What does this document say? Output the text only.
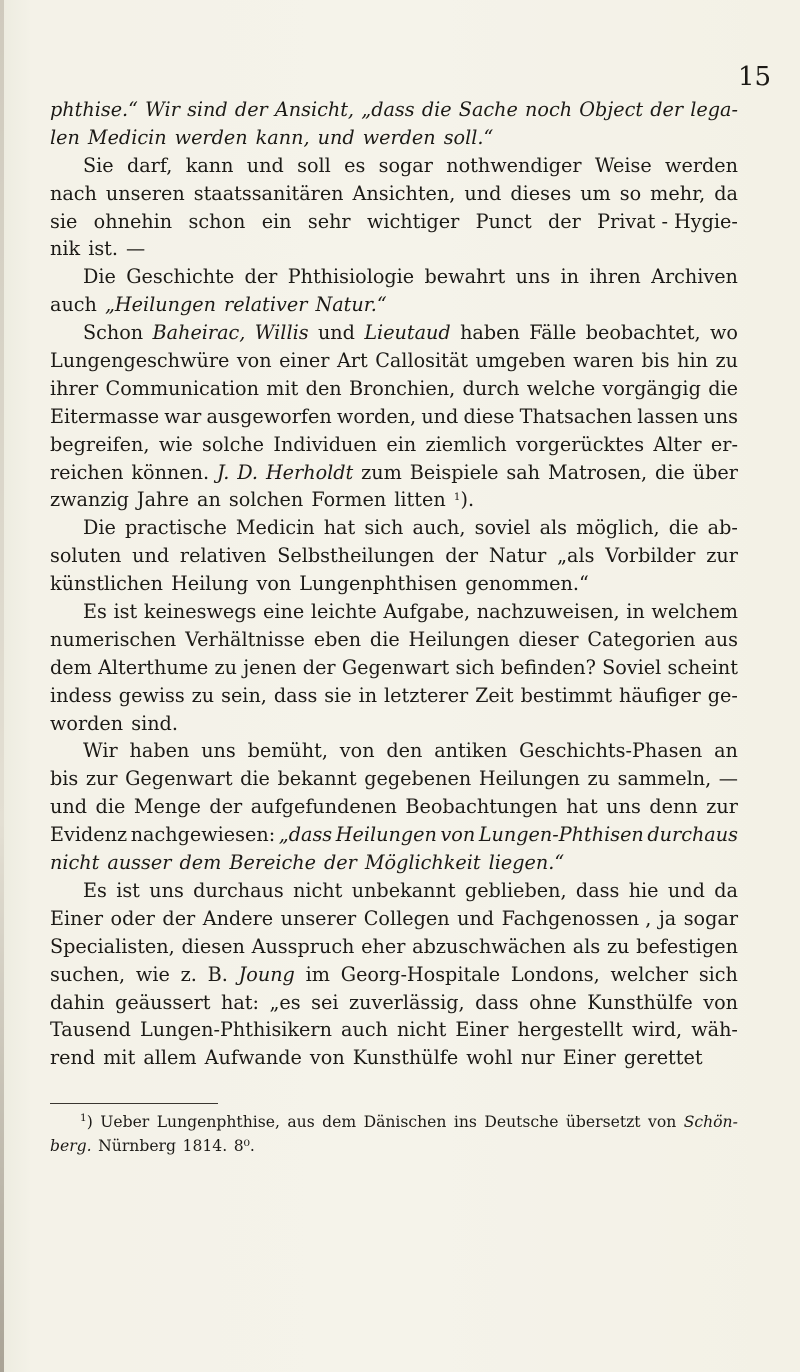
15
phthise.“ Wir sind der Ansicht, „dass die Sache noch Object der lega-
len Medicin werden kann, und werden soll.“
Sie darf, kann und soll es sogar nothwendiger Weise werden
nach unseren staatssanitären Ansichten, und dieses um so mehr, da
sie ohnehin schon ein sehr wichtiger Punct der Privat - Hygie-
nik ist. —
Die Geschichte der Phthisiologie bewahrt uns in ihren Archiven
auch „Heilungen relativer Natur.“
Schon Baheirac, Willis und Lieutaud haben Fälle beobachtet, wo
Lungengeschwüre von einer Art Callosität umgeben waren bis hin zu
ihrer Communication mit den Bronchien, durch welche vorgängig die
Eitermasse war ausgeworfen worden, und diese Thatsachen lassen uns
begreifen, wie solche Individuen ein ziemlich vorgerücktes Alter er-
reichen können. J. D. Herholdt zum Beispiele sah Matrosen, die über
zwanzig Jahre an solchen Formen litten $^1$).
Die practische Medicin hat sich auch, soviel als möglich, die ab-
soluten und relativen Selbstheilungen der Natur „als Vorbilder zur
künstlichen Heilung von Lungenphthisen genommen.“
Es ist keineswegs eine leichte Aufgabe, nachzuweisen, in welchem
numerischen Verhältnisse eben die Heilungen dieser Categorien aus
dem Alterthume zu jenen der Gegenwart sich befinden? Soviel scheint
indess gewiss zu sein, dass sie in letzterer Zeit bestimmt häufiger ge-
worden sind.
Wir haben uns bemüht, von den antiken Geschichts-Phasen an
bis zur Gegenwart die bekannt gegebenen Heilungen zu sammeln, —
und die Menge der aufgefundenen Beobachtungen hat uns denn zur
Evidenz nachgewiesen: „dass Heilungen von Lungen-Phthisen durchaus
nicht ausser dem Bereiche der Möglichkeit liegen.“
Es ist uns durchaus nicht unbekannt geblieben, dass hie und da
Einer oder der Andere unserer Collegen und Fachgenossen , ja sogar
Specialisten, diesen Ausspruch eher abzuschwächen als zu befestigen
suchen, wie z. B. Joung im Georg-Hospitale Londons, welcher sich
dahin geäussert hat: „es sei zuverlässig, dass ohne Kunsthülfe von
Tausend Lungen-Phthisikern auch nicht Einer hergestellt wird, wäh-
rend mit allem Aufwande von Kunsthülfe wohl nur Einer gerettet
$^1$) Ueber Lungenphthise, aus dem Dänischen ins Deutsche übersetzt von Schön-
berg. Nürnberg 1814. 8⁰.
